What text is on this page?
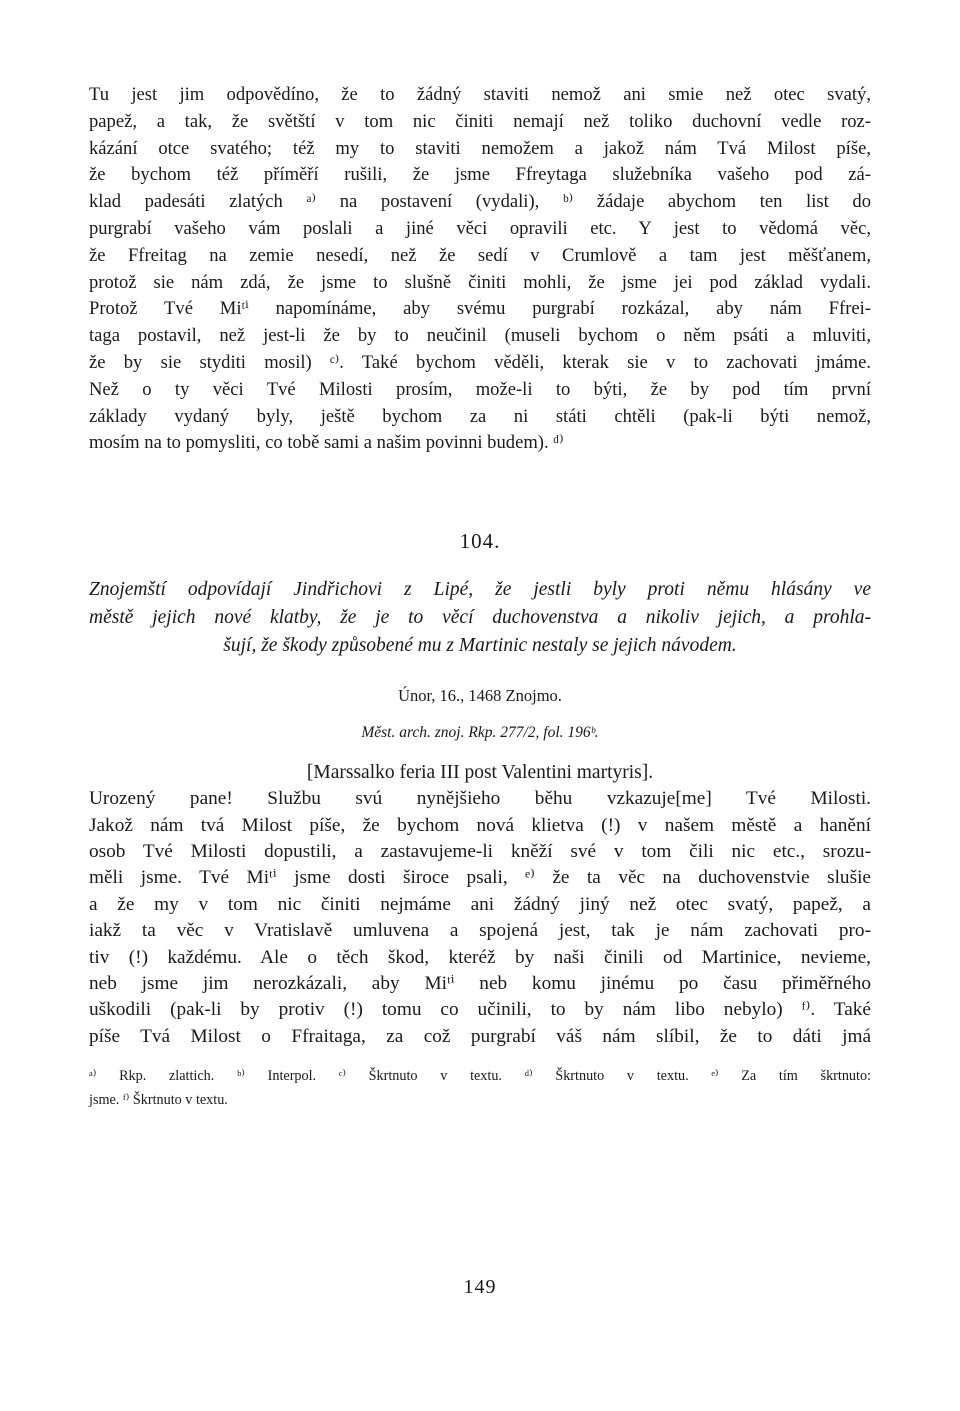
Tu jest jim odpovědíno, že to žádný staviti nemož ani smie než otec svatý,

papež, a tak, že světští v tom nic činiti nemají než toliko duchovní vedle roz-

kázání otce svatého; též my to staviti nemožem a jakož nám Tvá Milost píše,

že bychom též příměří rušili, že jsme Ffreytaga služebníka vašeho pod zá-

klad padesáti zlatých ᵃ⁾ na postavení (vydali), ᵇ⁾ žádaje abychom ten list do

purgrabí vašeho vám poslali a jiné věci opravili etc. Y jest to vědomá věc,

že Ffreitag na zemie nesedí, než že sedí v Crumlově a tam jest měšťanem,

protož sie nám zdá, že jsme to slušně činiti mohli, že jsme jei pod základ vydali.

Protož Tvé Miᵗⁱ napomínáme, aby svému purgrabí rozkázal, aby nám Ffrei-

taga postavil, než jest-li že by to neučinil (museli bychom o něm psáti a mluviti,

že by sie styditi mosil) ᶜ⁾. Také bychom věděli, kterak sie v to zachovati jmáme.

Než o ty věci Tvé Milosti prosím, može-li to býti, že by pod tím první

základy vydaný byly, ještě bychom za ni státi chtěli (pak-li býti nemož,

mosím na to pomysliti, co tobě sami a našim povinni budem). ᵈ⁾

104.

Znojemští odpovídají Jindřichovi z Lipé, že jestli byly proti němu hlásány ve

městě jejich nové klatby, že je to věcí duchovenstva a nikoliv jejich, a prohla-

šují, že škody způsobené mu z Martinic nestaly se jejich návodem.

Únor, 16., 1468 Znojmo.
Měst. arch. znoj. Rkp. 277/2, fol. 196ᵇ.
[Marssalko feria III post Valentini martyris].

Urozený pane! Službu svú nynějšieho běhu vzkazuje[me] Tvé Milosti.

Jakož nám tvá Milost píše, že bychom nová klietva (!) v našem městě a hanění

osob Tvé Milosti dopustili, a zastavujeme-li kněží své v tom čili nic etc., srozu-

měli jsme. Tvé Miᵗⁱ jsme dosti široce psali, ᵉ⁾ že ta věc na duchovenstvie slušie

a že my v tom nic činiti nejmáme ani žádný jiný než otec svatý, papež, a

iakž ta věc v Vratislavě umluvena a spojená jest, tak je nám zachovati pro-

tiv (!) každému. Ale o těch škod, kteréž by naši činili od Martinice, nevieme,

neb jsme jim nerozkázali, aby Miᵗⁱ neb komu jinému po času přiměřného

uškodili (pak-li by protiv (!) tomu co učinili, to by nám libo nebylo) ᶠ⁾. Také

píše Tvá Milost o Ffraitaga, za což purgrabí váš nám slíbil, že to dáti jmá

ᵃ⁾ Rkp. zlattich. ᵇ⁾ Interpol. ᶜ⁾ Škrtnuto v textu. ᵈ⁾ Škrtnuto v textu. ᵉ⁾ Za tím škrtnuto:

jsme. ᶠ⁾ Škrtnuto v textu.

149
